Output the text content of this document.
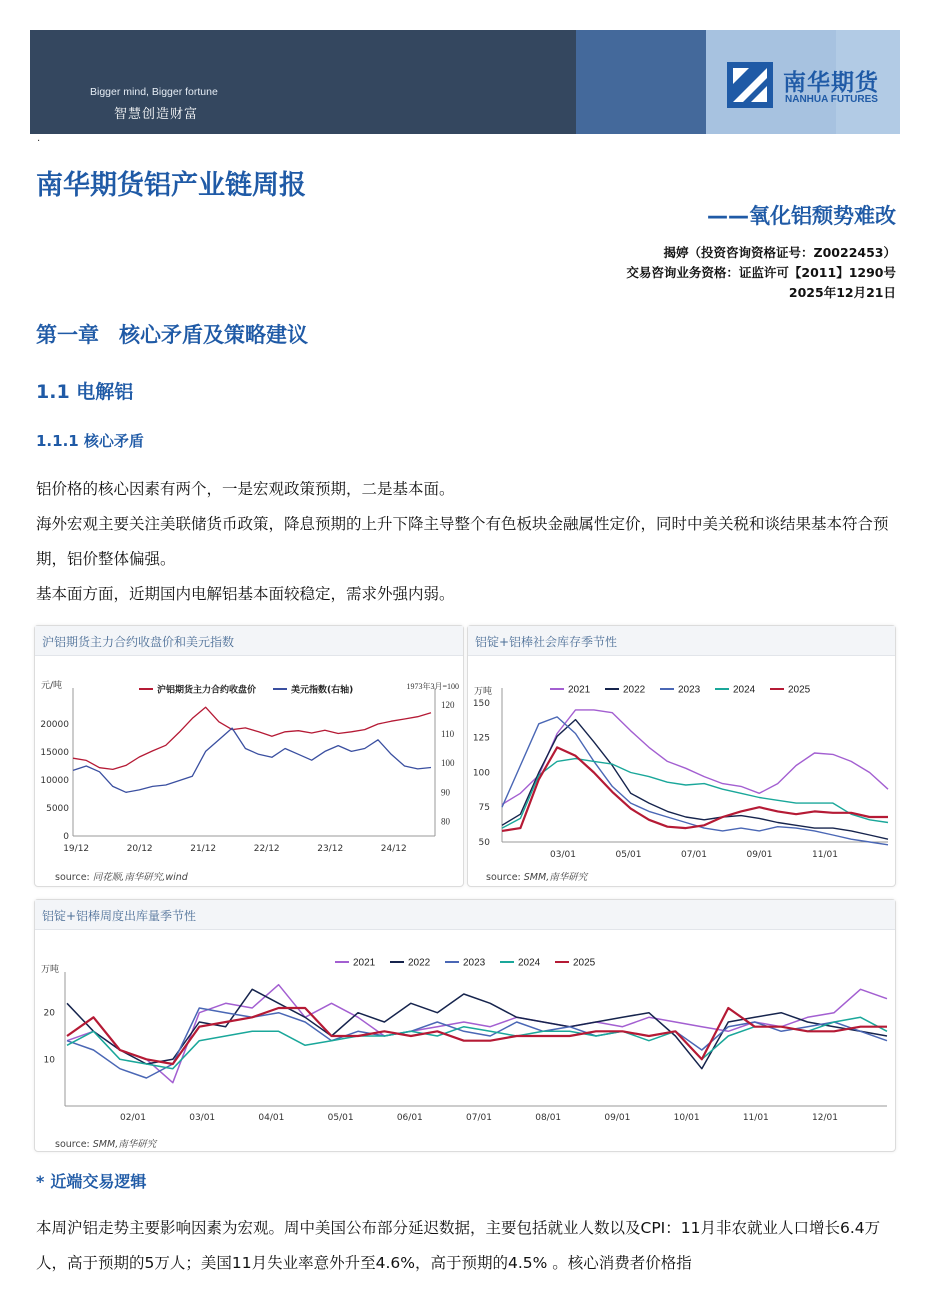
Bigger mind, Bigger fortune
智慧创造财富
南华期货
NANHUA FUTURES
·
南华期货铝产业链周报
——氧化铝颓势难改
揭婷（投资咨询资格证号：Z0022453）
交易咨询业务资格：证监许可【2011】1290号
2025年12月21日
第一章 核心矛盾及策略建议
1.1 电解铝
1.1.1 核心矛盾
铝价格的核心因素有两个，一是宏观政策预期，二是基本面。
海外宏观主要关注美联储货币政策，降息预期的上升下降主导整个有色板块金融属性定价，同时中美关税和谈结果基本符合预期，铝价整体偏强。
基本面方面，近期国内电解铝基本面较稳定，需求外强内弱。
沪铝期货主力合约收盘价和美元指数
元/吨	1973年3月=100
0
5000
10000
15000
20000
80
90
100
110
120
19/12	20/12	21/12	22/12	23/12	24/12
沪铝期货主力合约收盘价	美元指数(右轴)
source: 同花顺,南华研究,wind
铝锭+铝棒社会库存季节性
万吨
50
75
100
125
150
03/01	05/01	07/01	09/01	11/01
2021	2022	2023	2024	2025
source: SMM,南华研究
铝锭+铝棒周度出库量季节性
万吨
10
20
02/01	03/01	04/01	05/01	06/01	07/01	08/01	09/01	10/01	11/01	12/01
2021	2022	2023	2024	2025
source: SMM,南华研究
* 近端交易逻辑
本周沪铝走势主要影响因素为宏观。周中美国公布部分延迟数据，主要包括就业人数以及CPI：11月非农就业人口增长6.4万人，高于预期的5万人；美国11月失业率意外升至4.6%，高于预期的4.5% 。核心消费者价格指
